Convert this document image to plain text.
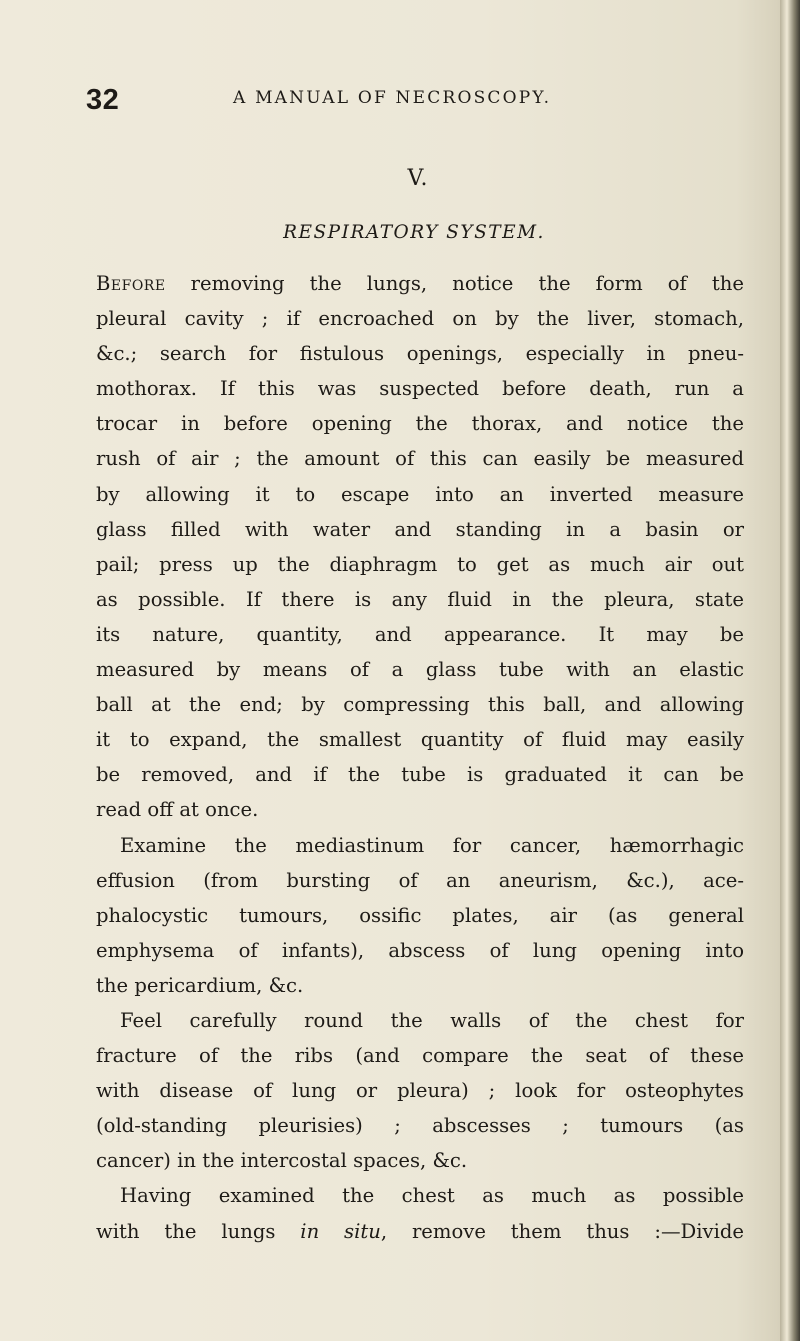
32	A MANUAL OF NECROSCOPY.
V.
RESPIRATORY SYSTEM.
Before removing the lungs, notice the form of the
pleural cavity ; if encroached on by the liver, stomach,
&c.; search for fistulous openings, especially in pneu-
mothorax. If this was suspected before death, run a
trocar in before opening the thorax, and notice the
rush of air ; the amount of this can easily be measured
by allowing it to escape into an inverted measure
glass filled with water and standing in a basin or
pail; press up the diaphragm to get as much air out
as possible. If there is any fluid in the pleura, state
its nature, quantity, and appearance. It may be
measured by means of a glass tube with an elastic
ball at the end; by compressing this ball, and allowing
it to expand, the smallest quantity of fluid may easily
be removed, and if the tube is graduated it can be
read off at once.
Examine the mediastinum for cancer, hæmorrhagic
effusion (from bursting of an aneurism, &c.), ace-
phalocystic tumours, ossific plates, air (as general
emphysema of infants), abscess of lung opening into
the pericardium, &c.
Feel carefully round the walls of the chest for
fracture of the ribs (and compare the seat of these
with disease of lung or pleura) ; look for osteophytes
(old-standing pleurisies) ; abscesses ; tumours (as
cancer) in the intercostal spaces, &c.
Having examined the chest as much as possible
with the lungs in situ, remove them thus :—Divide
